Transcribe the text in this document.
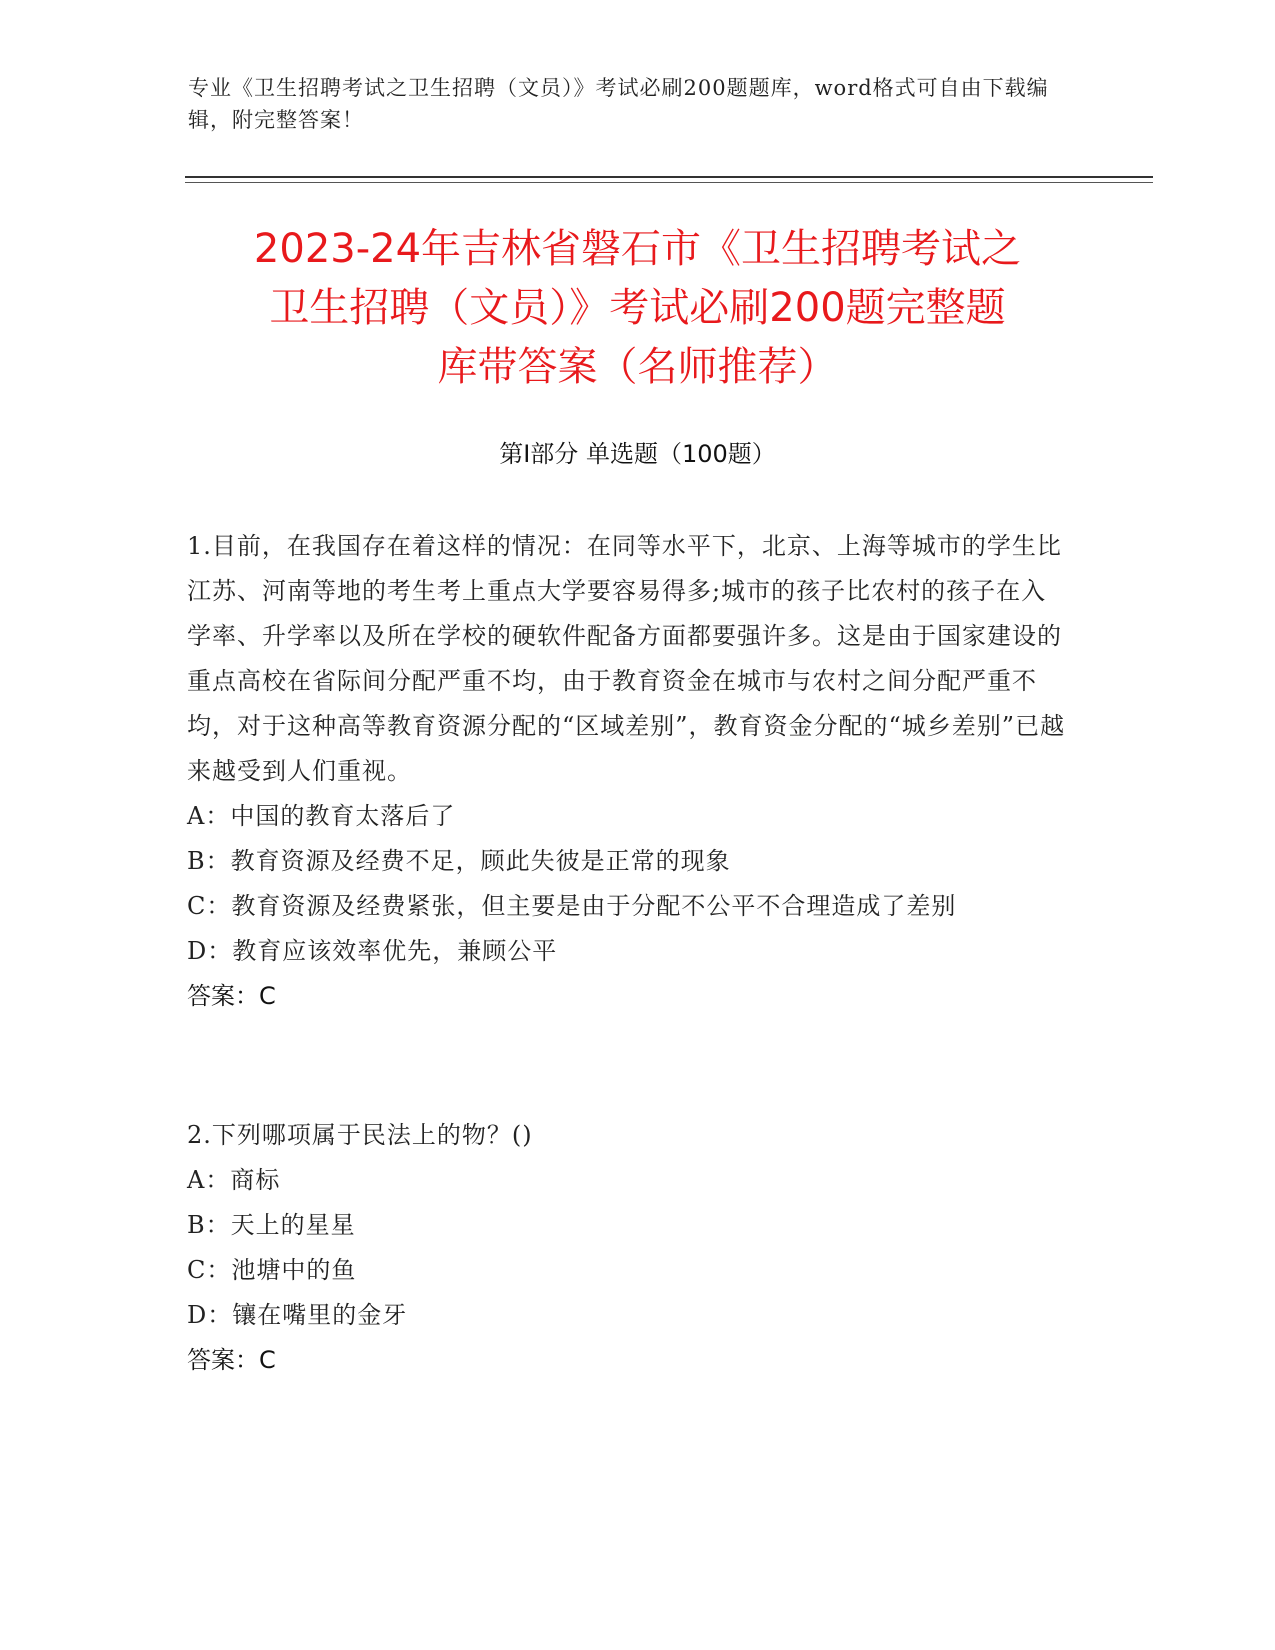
专业《卫生招聘考试之卫生招聘（文员）》考试必刷200题题库，word格式可自由下载编辑，附完整答案！
2023-24年吉林省磐石市《卫生招聘考试之
卫生招聘（文员）》考试必刷200题完整题
库带答案（名师推荐）
第Ⅰ部分 单选题（100题）

1.目前，在我国存在着这样的情况：在同等水平下，北京、上海等城市的学生比江苏、河南等地的考生考上重点大学要容易得多;城市的孩子比农村的孩子在入学率、升学率以及所在学校的硬软件配备方面都要强许多。这是由于国家建设的重点高校在省际间分配严重不均，由于教育资金在城市与农村之间分配严重不均，对于这种高等教育资源分配的“区域差别”，教育资金分配的“城乡差别”已越来越受到人们重视。

A：中国的教育太落后了

B：教育资源及经费不足，顾此失彼是正常的现象

C：教育资源及经费紧张，但主要是由于分配不公平不合理造成了差别

D：教育应该效率优先，兼顾公平

答案：C

2.下列哪项属于民法上的物？()

A：商标

B：天上的星星

C：池塘中的鱼

D：镶在嘴里的金牙

答案：C
